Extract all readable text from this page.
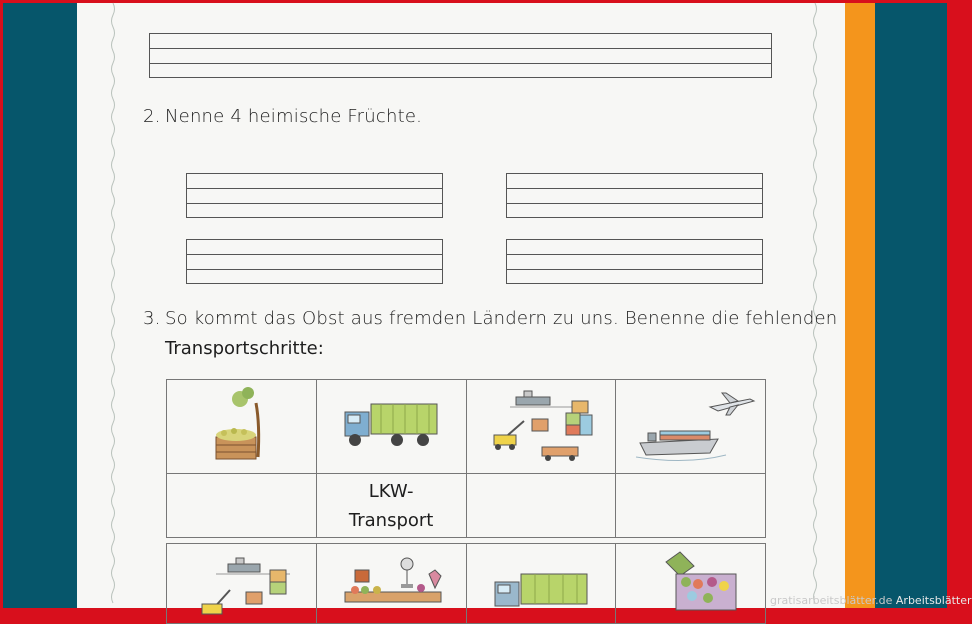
2. Nenne 4 heimische Früchte.
3. So kommt das Obst aus fremden Ländern zu uns. Benenne die fehlenden
Transportschritte:

	LKW-
Transport		

gratisarbeitsblätter.de Arbeitsblätter
